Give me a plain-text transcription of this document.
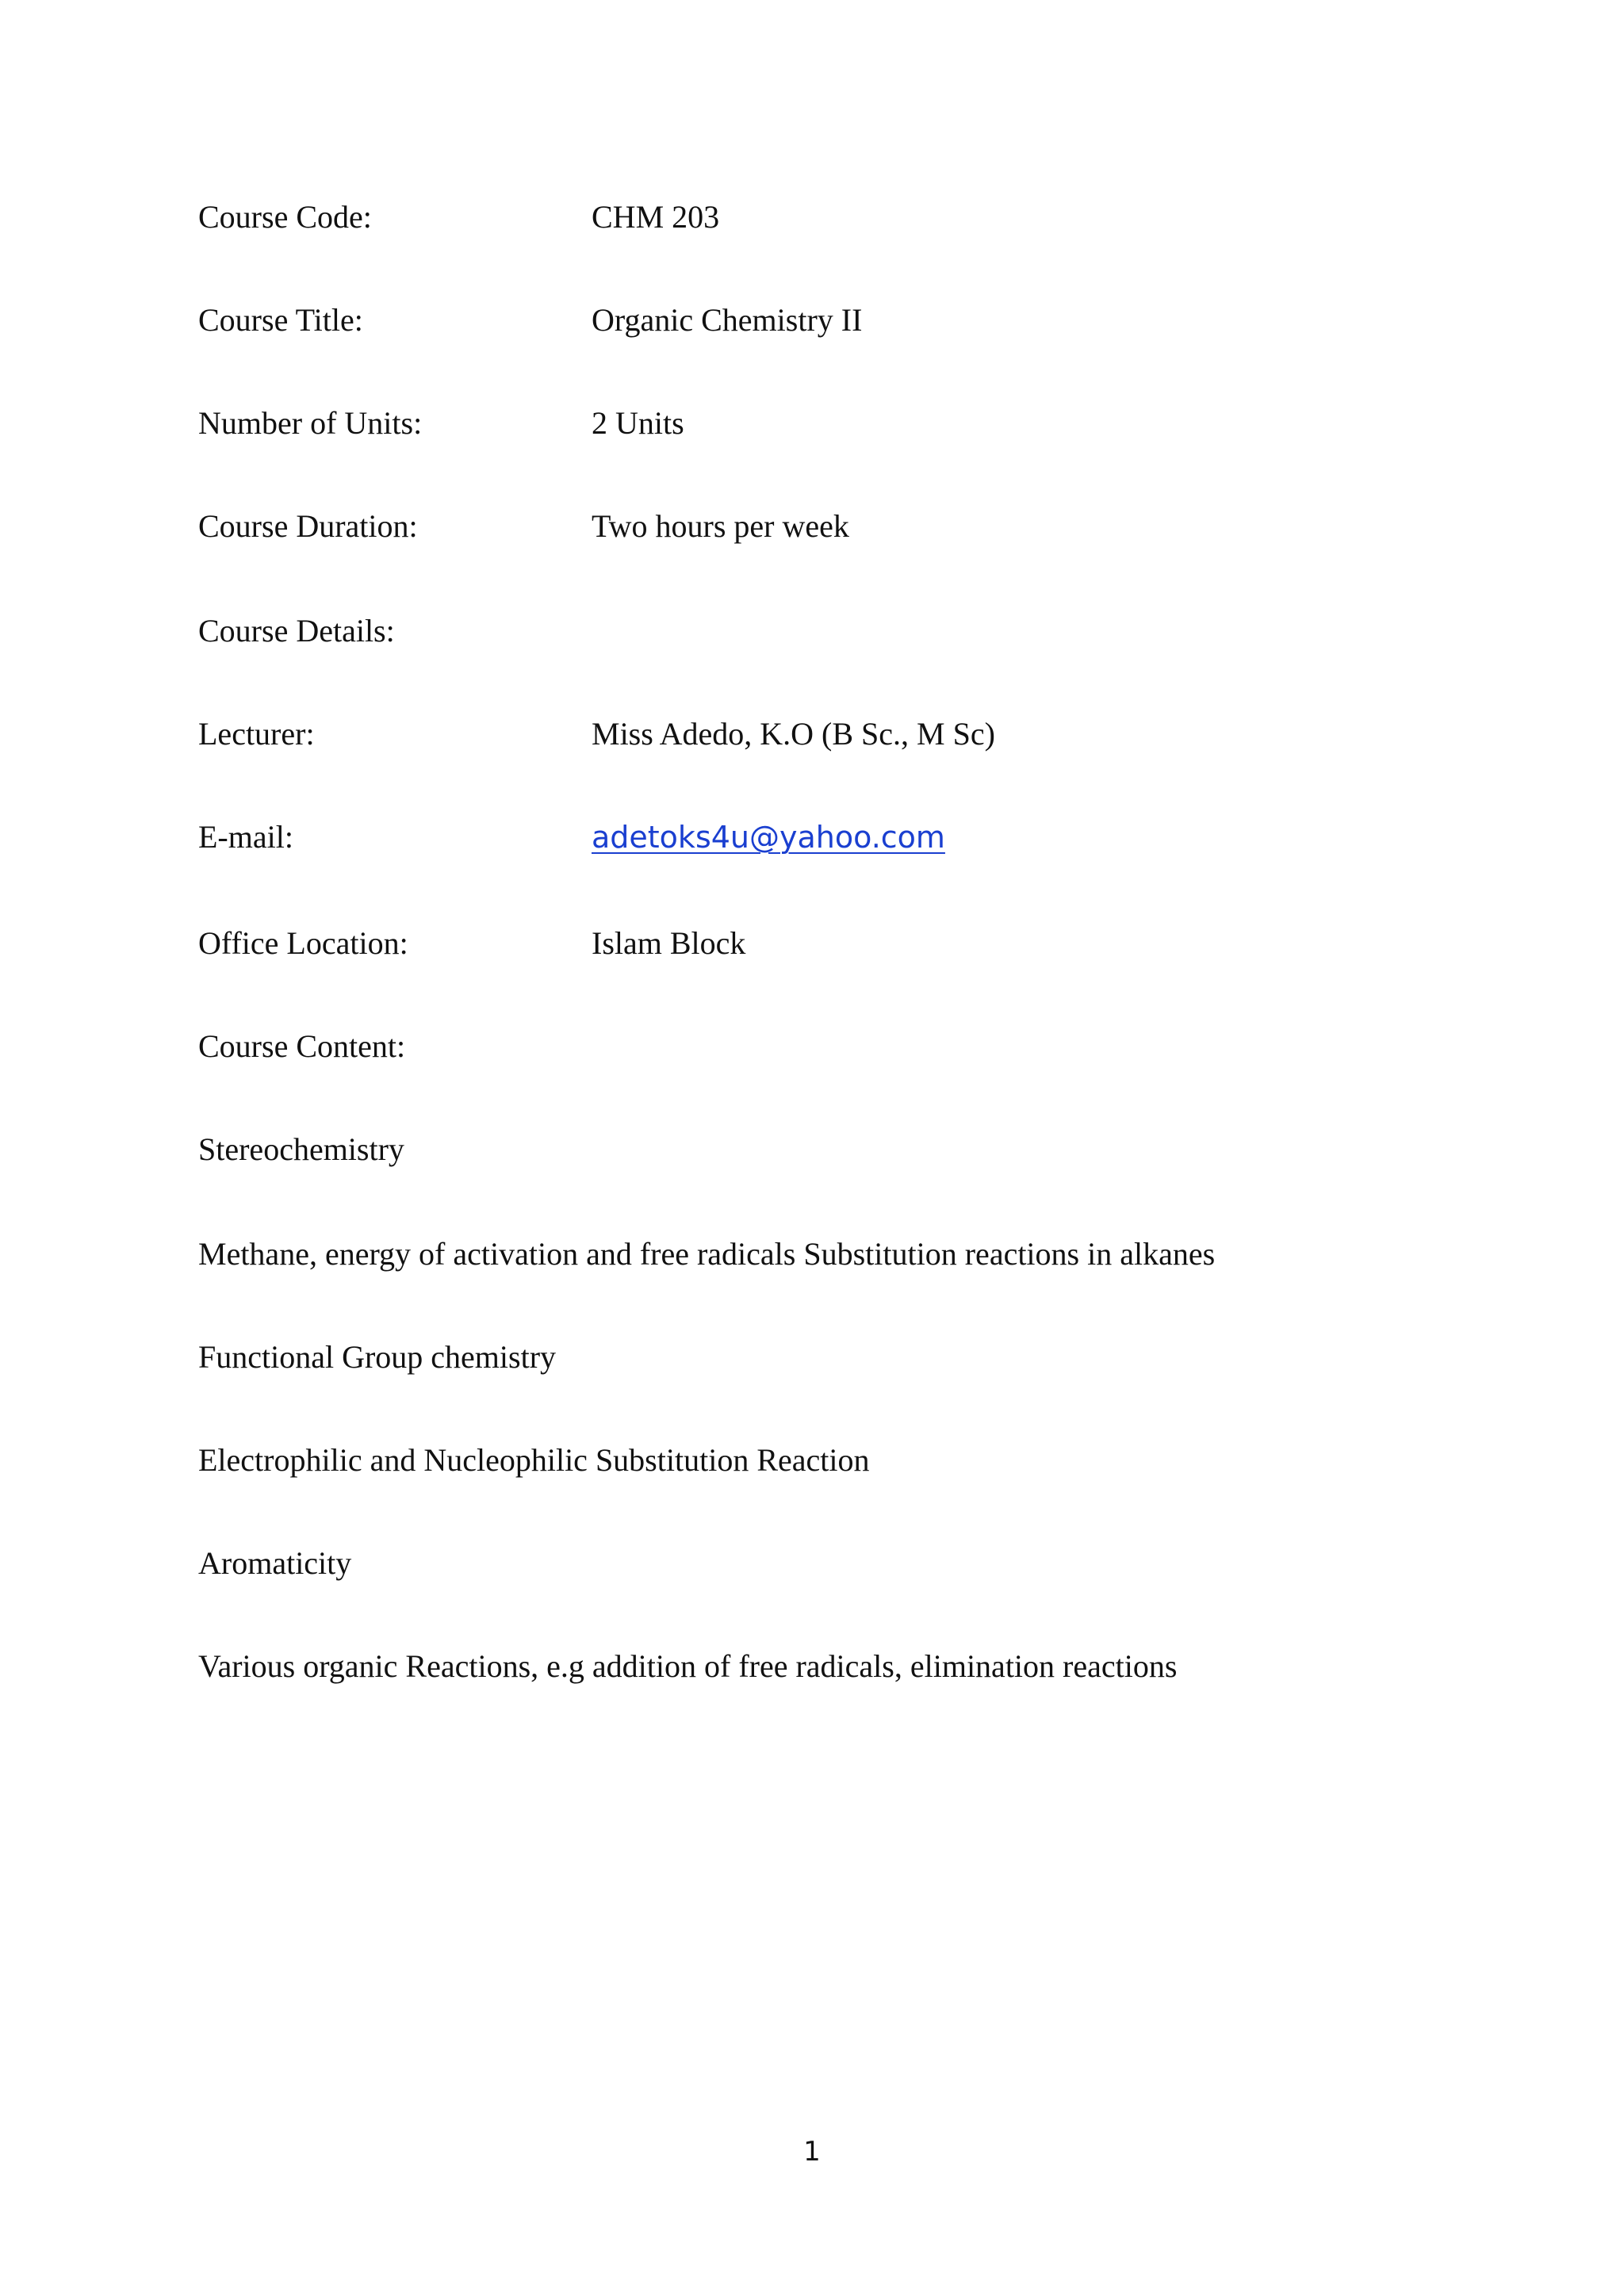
Course Code:	CHM 203
Course Title:	Organic Chemistry II
Number of Units:	2 Units
Course Duration:	Two hours per week
Course Details:
Lecturer:	Miss Adedo, K.O (B Sc., M Sc)
E-mail:	adetoks4u@yahoo.com
Office Location:	Islam Block
Course Content:
Stereochemistry
Methane, energy of activation and free radicals Substitution reactions in alkanes
Functional Group chemistry
Electrophilic and Nucleophilic Substitution Reaction
Aromaticity
Various organic Reactions, e.g addition of free radicals, elimination reactions
1
